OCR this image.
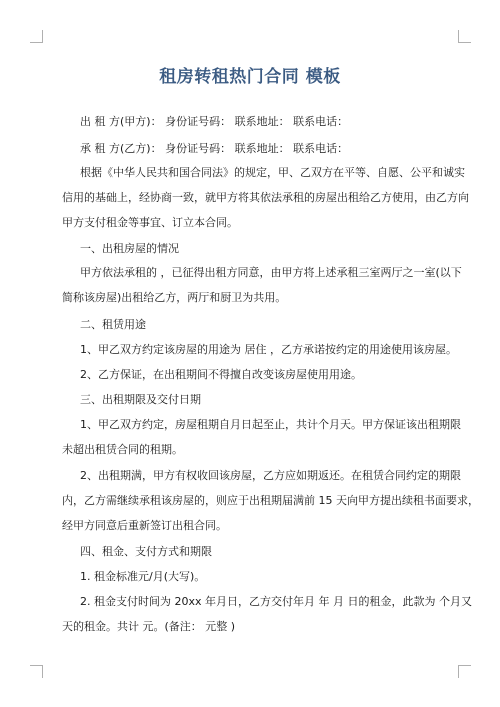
租房转租热门合同 模板
出 租 方(甲方)： 身份证号码： 联系地址： 联系电话：
承 租 方(乙方)： 身份证号码： 联系地址： 联系电话：
根据《中华人民共和国合同法》的规定，甲、乙双方在平等、自愿、公平和诚实
信用的基础上，经协商一致，就甲方将其依法承租的房屋出租给乙方使用，由乙方向
甲方支付租金等事宜、订立本合同。
一、出租房屋的情况
甲方依法承租的 ，已征得出租方同意，由甲方将上述承租三室两厅之一室(以下
简称该房屋)出租给乙方，两厅和厨卫为共用。
二、租赁用途
1、甲乙双方约定该房屋的用途为 居住 ，乙方承诺按约定的用途使用该房屋。
2、乙方保证，在出租期间不得擅自改变该房屋使用用途。
三、出租期限及交付日期
1、甲乙双方约定，房屋租期自月日起至止，共计个月天。甲方保证该出租期限
未超出租赁合同的租期。
2、出租期满，甲方有权收回该房屋，乙方应如期返还。在租赁合同约定的期限
内，乙方需继续承租该房屋的，则应于出租期届满前 15 天向甲方提出续租书面要求，
经甲方同意后重新签订出租合同。
四、租金、支付方式和期限
1. 租金标准元/月(大写)。
2. 租金支付时间为 20xx 年月日，乙方交付年月 年 月 日的租金，此款为 个月又
天的租金。共计 元。(备注： 元整 )
